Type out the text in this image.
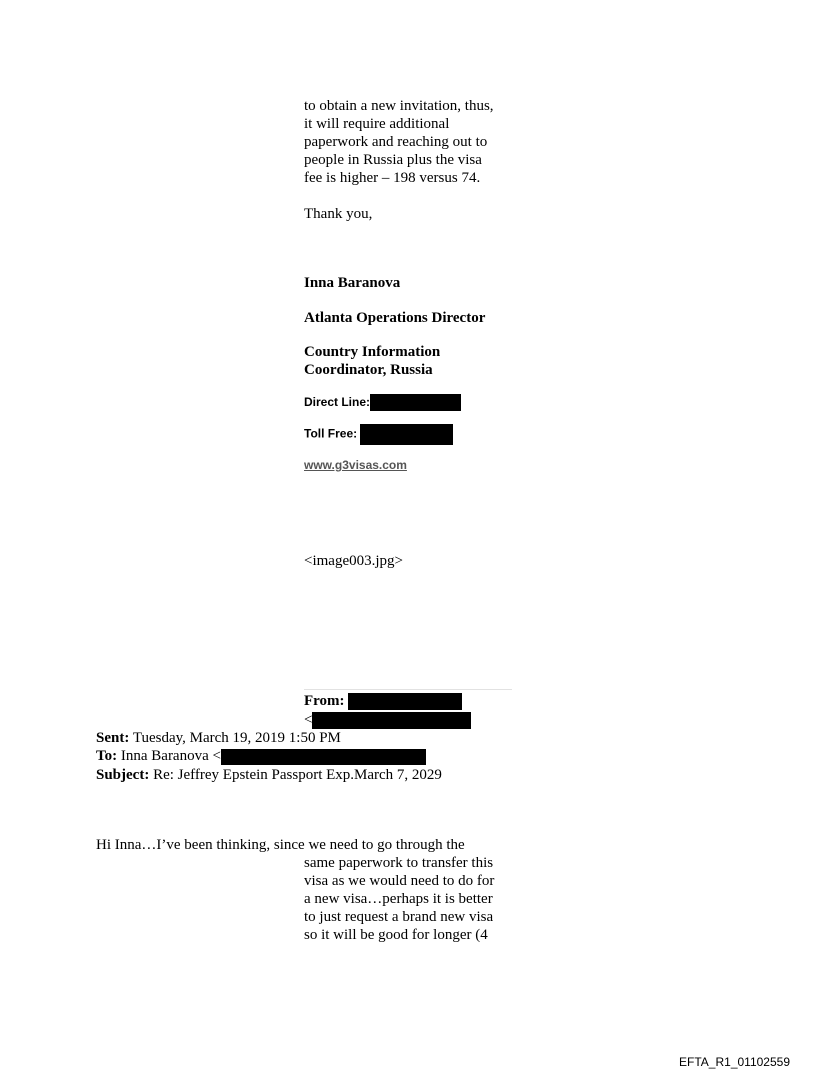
to obtain a new invitation, thus,
it will require additional
paperwork and reaching out to
people in Russia plus the visa
fee is higher – 198 versus 74.
Thank you,
Inna Baranova
Atlanta Operations Director
Country Information
Coordinator, Russia
Direct Line:
Toll Free:
www.g3visas.com
<image003.jpg>
From:
<
Sent: Tuesday, March 19, 2019 1:50 PM
To: Inna Baranova <
Subject: Re: Jeffrey Epstein Passport Exp.March 7, 2029
Hi Inna…I’ve been thinking, since we need to go through the
same paperwork to transfer this
visa as we would need to do for
a new visa…perhaps it is better
to just request a brand new visa
so it will be good for longer (4
EFTA_R1_01102559
